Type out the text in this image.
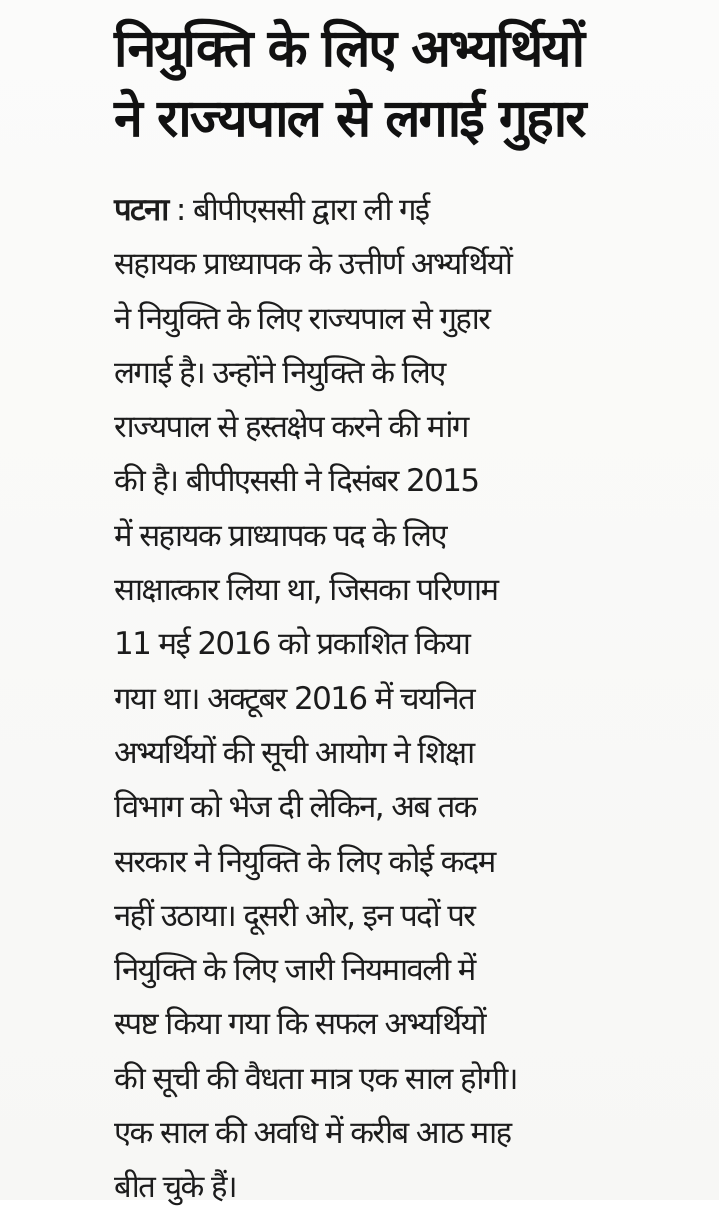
नियुक्ति के लिए अभ्यर्थियों
ने राज्यपाल से लगाई गुहार
पटना : बीपीएससी द्वारा ली गई
सहायक प्राध्यापक के उत्तीर्ण अभ्यर्थियों
ने नियुक्ति के लिए राज्यपाल से गुहार
लगाई है। उन्होंने नियुक्ति के लिए
राज्यपाल से हस्तक्षेप करने की मांग
की है। बीपीएससी ने दिसंबर 2015
में सहायक प्राध्यापक पद के लिए
साक्षात्कार लिया था, जिसका परिणाम
11 मई 2016 को प्रकाशित किया
गया था। अक्टूबर 2016 में चयनित
अभ्यर्थियों की सूची आयोग ने शिक्षा
विभाग को भेज दी लेकिन, अब तक
सरकार ने नियुक्ति के लिए कोई कदम
नहीं उठाया। दूसरी ओर, इन पदों पर
नियुक्ति के लिए जारी नियमावली में
स्पष्ट किया गया कि सफल अभ्यर्थियों
की सूची की वैधता मात्र एक साल होगी।
एक साल की अवधि में करीब आठ माह
बीत चुके हैं।
